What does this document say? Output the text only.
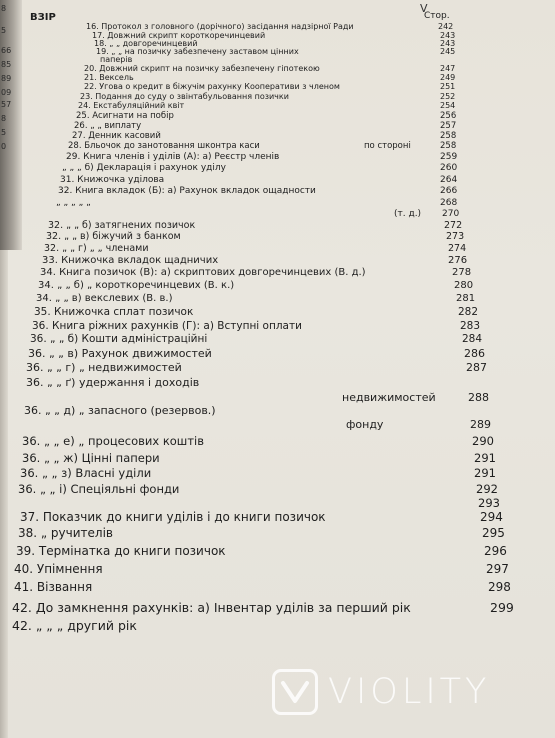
8
5
66
85
89
09
57
8
5
0
V
ВЗІР	Стор.
16. Протокол з головного (дорічного) засідання надзірної Ради	242
17. Довжний скрипт короткоречинцевий	243
18. „ „ довгоречинцевий	243
19. „ „ на позичку забезпечену заставом цінних	245
паперів
20. Довжний скрипт на позичку забезпечену гіпотекою	247
21. Вексель	249
22. Угова о кредит в біжучім рахунку Кооперативи з членом	251
23. Подання до суду о звінтабульовання позички	252
24. Екстабуляційний квіт	254
25. Асигнати на побір	256
26. „ „ виплату	257
27. Денник касовий	258
28. Бльочок до занотовання шконтра каси	по стороні	258
29. Книга членів і уділів (А): а) Реєстр членів	259
„ „ „ б) Декларація і рахунок уділу	260
31. Книжочка уділова	264
32. Книга вкладок (Б): а) Рахунок вкладок ощадности	266
„ „ „ „ „	268
(т. д.) 270
32. „ „ б) затягнених позичок	272
32. „ „ в) біжучий з банком	273
32. „ „ г) „ „ членами	274
33. Книжочка вкладок щадничих	276
34. Книга позичок (В): а) скриптових довгоречинцевих (В. д.)	278
34. „ „ б) „ короткоречинцевих (В. к.)	280
34. „ „ в) векслевих (В. в.)	281
35. Книжочка сплат позичок	282
36. Книга ріжних рахунків (Г): а) Вступні оплати	283
36. „ „ б) Кошти адміністраційні	284
36. „ „ в) Рахунок движимостей	286
36. „ „ г) „ недвижимостей	287
36. „ „ ґ) удержання і доходів
недвижимостей	288
36. „ „ д) „ запасного (резервов.)
фонду	289
36. „ „ е) „ процесових коштів	290
36. „ „ ж) Цінні папери	291
36. „ „ з) Власні уділи	291
36. „ „ і) Спеціяльні фонди	292
293
37. Показчик до книги уділів і до книги позичок	294
38. „ ручителів	295
39. Термінатка до книги позичок	296
40. Упімнення	297
41. Візвання	298
42. До замкнення рахунків: а) Інвентар уділів за перший рік	299
42. „ „ „ другий рік
VIOLITY
